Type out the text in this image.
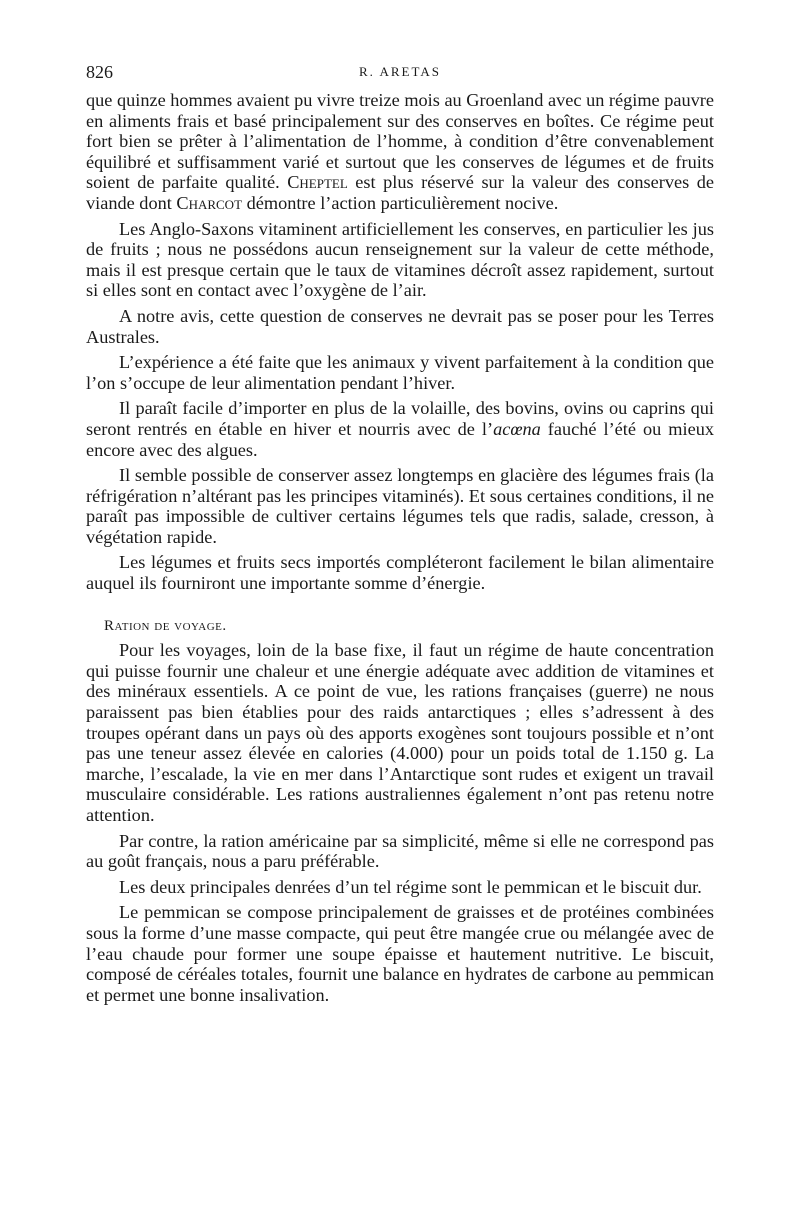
826	R. ARETAS

que quinze hommes avaient pu vivre treize mois au Groenland avec un régime pauvre en aliments frais et basé principalement sur des conserves en boîtes. Ce régime peut fort bien se prêter à l’alimentation de l’homme, à condition d’être convenablement équilibré et suffisamment varié et surtout que les conserves de légumes et de fruits soient de parfaite qualité. Cheptel est plus réservé sur la valeur des conserves de viande dont Charcot démontre l’action particulièrement nocive.

Les Anglo-Saxons vitaminent artificiellement les conserves, en particulier les jus de fruits ; nous ne possédons aucun renseignement sur la valeur de cette méthode, mais il est presque certain que le taux de vitamines décroît assez rapidement, surtout si elles sont en contact avec l’oxygène de l’air.

A notre avis, cette question de conserves ne devrait pas se poser pour les Terres Australes.

L’expérience a été faite que les animaux y vivent parfaitement à la condition que l’on s’occupe de leur alimentation pendant l’hiver.

Il paraît facile d’importer en plus de la volaille, des bovins, ovins ou caprins qui seront rentrés en étable en hiver et nourris avec de l’acœna fauché l’été ou mieux encore avec des algues.

Il semble possible de conserver assez longtemps en glacière des légumes frais (la réfrigération n’altérant pas les principes vitaminés). Et sous certaines conditions, il ne paraît pas impossible de cultiver certains légumes tels que radis, salade, cresson, à végétation rapide.

Les légumes et fruits secs importés compléteront facilement le bilan alimentaire auquel ils fourniront une importante somme d’énergie.

Ration de voyage.

Pour les voyages, loin de la base fixe, il faut un régime de haute concentration qui puisse fournir une chaleur et une énergie adéquate avec addition de vitamines et des minéraux essentiels. A ce point de vue, les rations françaises (guerre) ne nous paraissent pas bien établies pour des raids antarctiques ; elles s’adressent à des troupes opérant dans un pays où des apports exogènes sont toujours possible et n’ont pas une teneur assez élevée en calories (4.000) pour un poids total de 1.150 g. La marche, l’escalade, la vie en mer dans l’Antarctique sont rudes et exigent un travail musculaire considérable. Les rations australiennes également n’ont pas retenu notre attention.

Par contre, la ration américaine par sa simplicité, même si elle ne correspond pas au goût français, nous a paru préférable.

Les deux principales denrées d’un tel régime sont le pemmican et le biscuit dur.

Le pemmican se compose principalement de graisses et de protéines combinées sous la forme d’une masse compacte, qui peut être mangée crue ou mélangée avec de l’eau chaude pour former une soupe épaisse et hautement nutritive. Le biscuit, composé de céréales totales, fournit une balance en hydrates de carbone au pemmican et permet une bonne insalivation.
